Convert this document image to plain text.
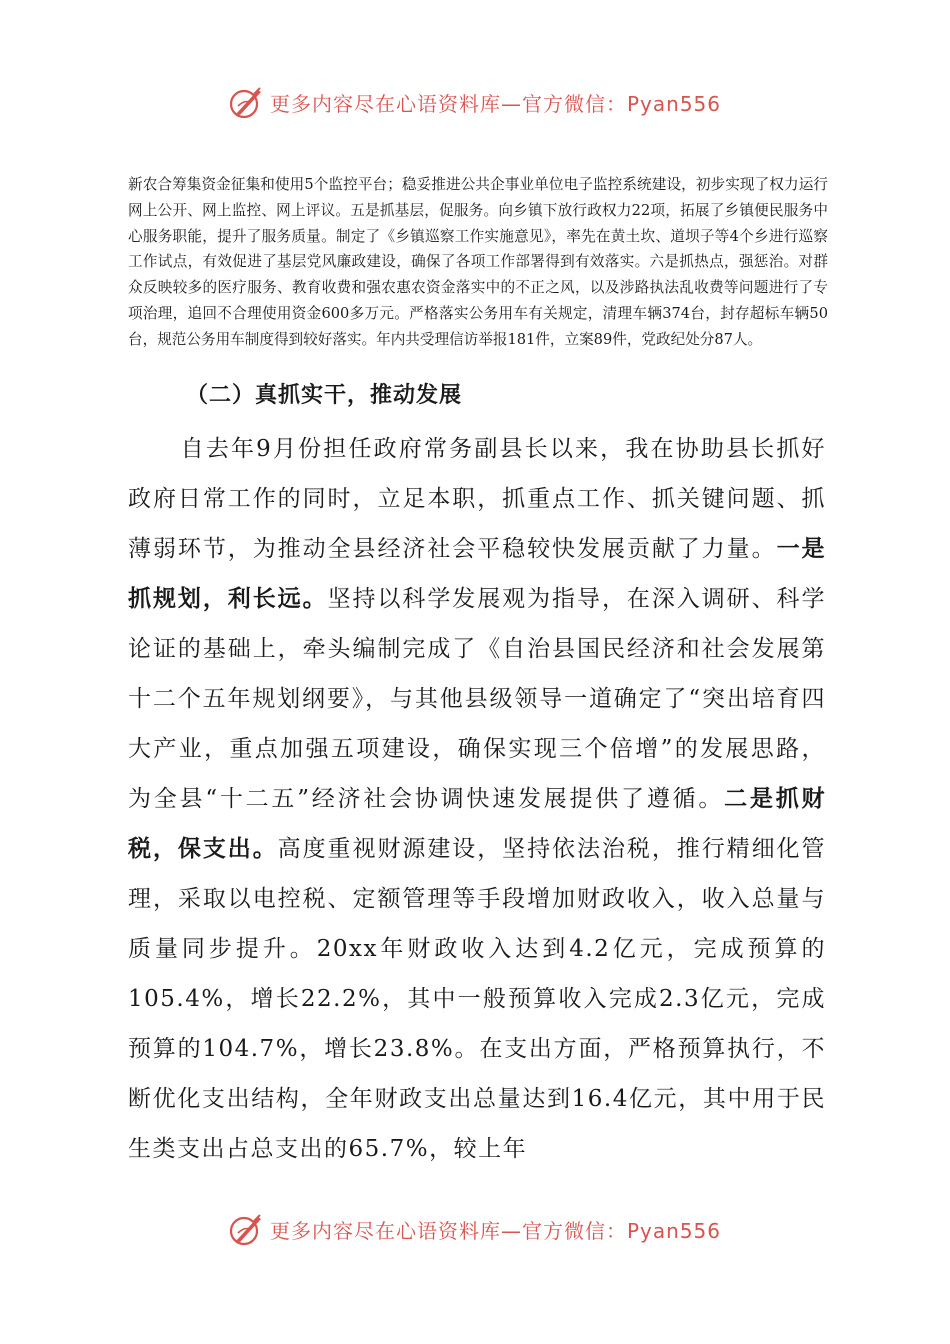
更多内容尽在心语资料库—官方微信：Pyan556

新农合筹集资金征集和使用5个监控平台；稳妥推进公共企事业单位电子监控系统建设，初步实现了权力运行网上公开、网上监控、网上评议。五是抓基层，促服务。向乡镇下放行政权力22项，拓展了乡镇便民服务中心服务职能，提升了服务质量。制定了《乡镇巡察工作实施意见》，率先在黄土坎、道坝子等4个乡进行巡察工作试点，有效促进了基层党风廉政建设，确保了各项工作部署得到有效落实。六是抓热点，强惩治。对群众反映较多的医疗服务、教育收费和强农惠农资金落实中的不正之风，以及涉路执法乱收费等问题进行了专项治理，追回不合理使用资金600多万元。严格落实公务用车有关规定，清理车辆374台，封存超标车辆50台，规范公务用车制度得到较好落实。年内共受理信访举报181件，立案89件，党政纪处分87人。

（二）真抓实干，推动发展
自去年9月份担任政府常务副县长以来，我在协助县长抓好政府日常工作的同时，立足本职，抓重点工作、抓关键问题、抓薄弱环节，为推动全县经济社会平稳较快发展贡献了力量。一是抓规划，利长远。坚持以科学发展观为指导，在深入调研、科学论证的基础上，牵头编制完成了《自治县国民经济和社会发展第十二个五年规划纲要》，与其他县级领导一道确定了“突出培育四大产业，重点加强五项建设，确保实现三个倍增”的发展思路，为全县“十二五”经济社会协调快速发展提供了遵循。二是抓财税，保支出。高度重视财源建设，坚持依法治税，推行精细化管理，采取以电控税、定额管理等手段增加财政收入，收入总量与质量同步提升。20xx年财政收入达到4.2亿元，完成预算的105.4%，增长22.2%，其中一般预算收入完成2.3亿元，完成预算的104.7%，增长23.8%。在支出方面，严格预算执行，不断优化支出结构，全年财政支出总量达到16.4亿元，其中用于民生类支出占总支出的65.7%，较上年
更多内容尽在心语资料库—官方微信：Pyan556
